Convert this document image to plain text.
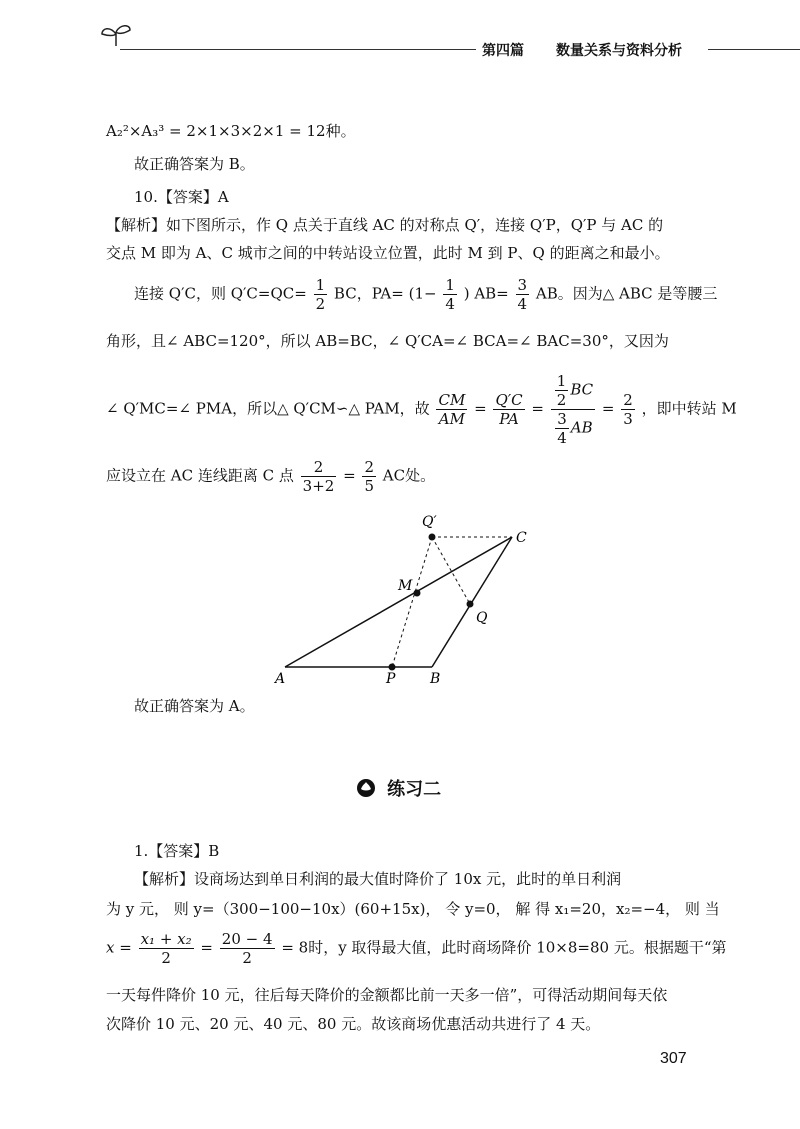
第四篇 数量关系与资料分析
A₂²×A₃³ = 2×1×3×2×1 = 12种。
故正确答案为 B。
10.【答案】A
【解析】如下图所示，作 Q 点关于直线 AC 的对称点 Q′，连接 Q′P，Q′P 与 AC 的
交点 M 即为 A、C 城市之间的中转站设立位置，此时 M 到 P、Q 的距离之和最小。
连接 Q′C，则 $Q'C=QC= \frac{1}{2}$ BC，$PA= (1- \frac{1}{4}$ ) $AB= \frac{3}{4}$ AB。因为△ ABC 是等腰三
角形，且∠ ABC=120°，所以 AB=BC，∠ Q′CA=∠ BCA=∠ BAC=30°，又因为
∠ Q′MC=∠ PMA，所以△ Q′CM∽△ PAM，故 $\frac{CM}{AM} = \frac{Q'C}{PA} = \frac{\frac{1}{2} BC}{\frac{3}{4} AB} = \frac{2}{3}$ ，即中转站 M
应设立在 AC 连线距离 C 点 $\frac{2}{3+2} = \frac{2}{5}$ AC处。
Q′
C
M
Q
A	P B
故正确答案为 A。
练习二
1.【答案】B
【解析】设商场达到单日利润的最大值时降价了 10x 元，此时的单日利润
为 y 元， 则 y=（300−100−10x）(60+15x)， 令 y=0， 解 得 x₁=20，x₂=−4， 则 当
$x = \frac{\text{x₁ + x₂}}{2} = \frac{20 - 4}{2} = 8$时，y 取得最大值，此时商场降价 10×8=80 元。根据题干“第
一天每件降价 10 元，往后每天降价的金额都比前一天多一倍”，可得活动期间每天依
次降价 10 元、20 元、40 元、80 元。故该商场优惠活动共进行了 4 天。
307
